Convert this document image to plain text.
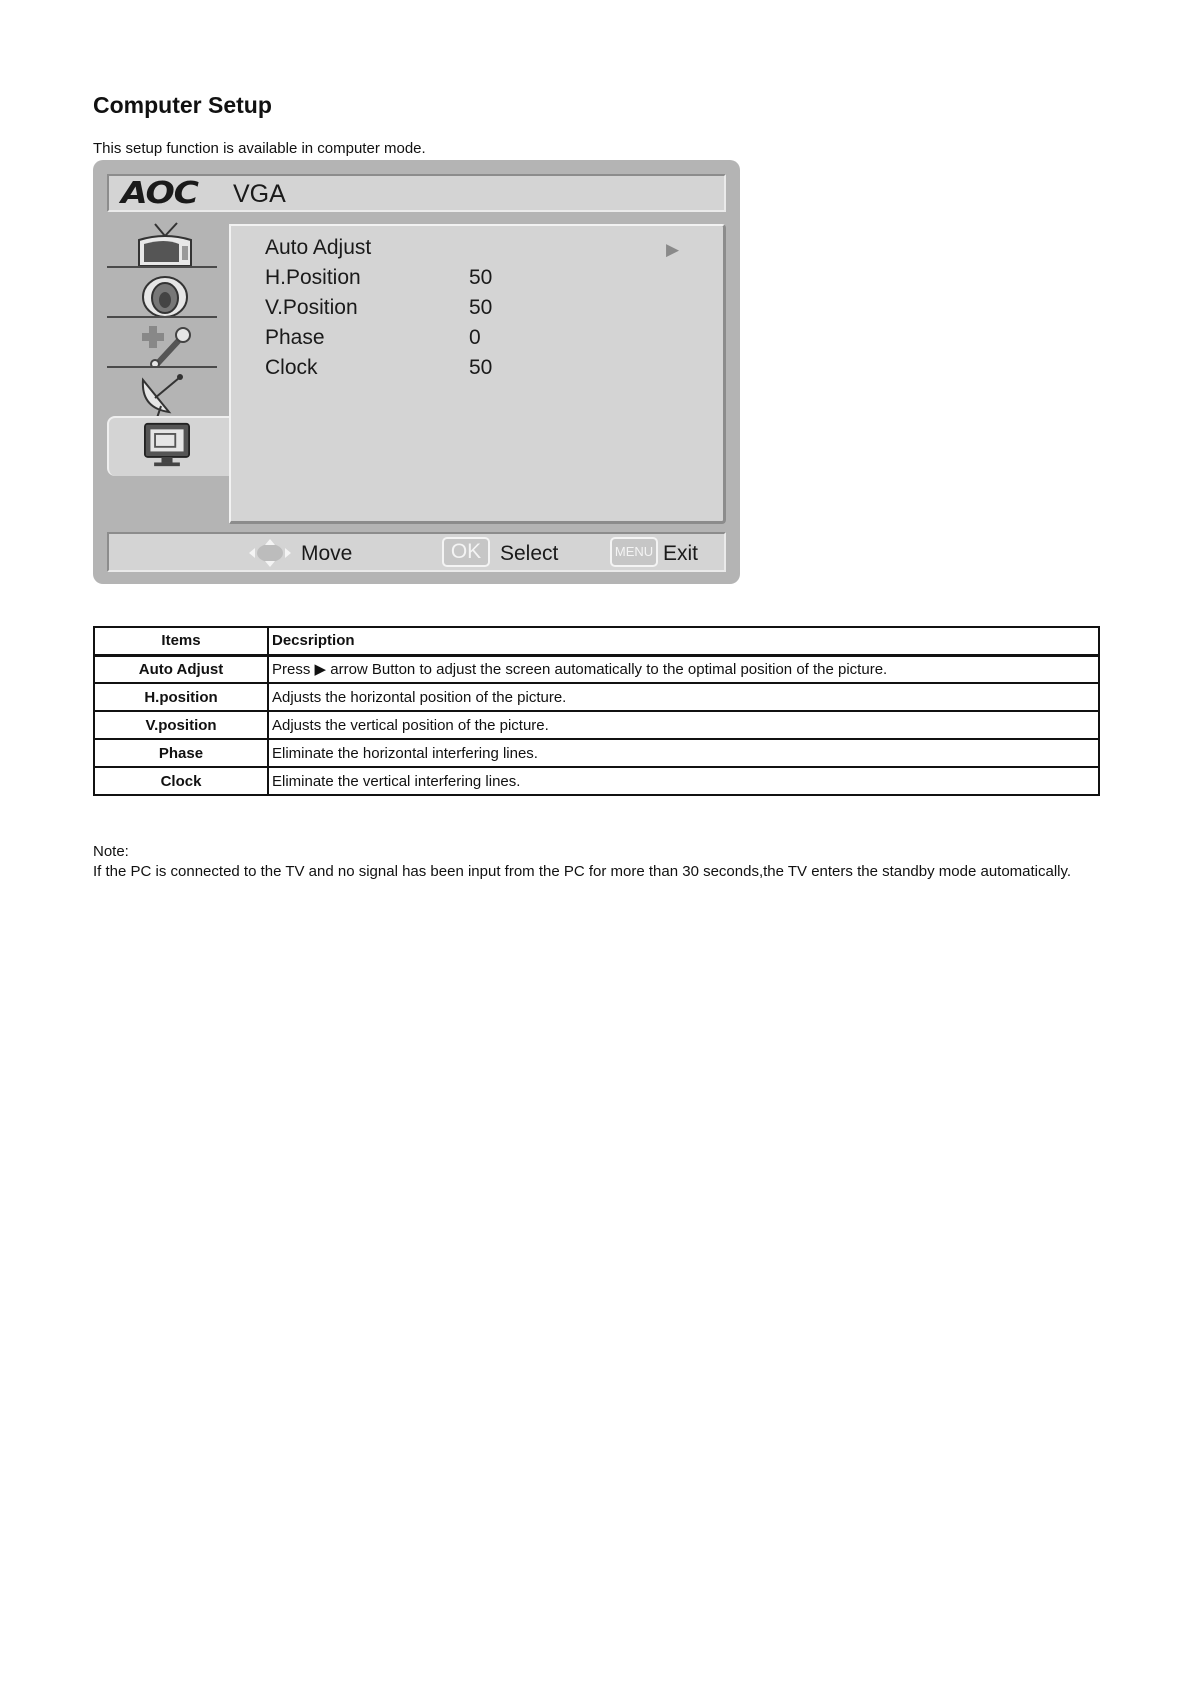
Computer Setup
This setup function is available in computer mode.
AOC VGA
Auto Adjust	▶
H.Position	50
V.Position	50
Phase	0
Clock	50
Move	OK Select	MENU Exit
Items	Decsription
Auto Adjust	Press ▶ arrow Button to adjust the screen automatically to the optimal position of the picture.
H.position	Adjusts the horizontal position of the picture.
V.position	Adjusts the vertical position of the picture.
Phase	Eliminate the horizontal interfering lines.
Clock	Eliminate the vertical interfering lines.
Note:
If the PC is connected to the TV and no signal has been input from the PC for more than 30 seconds,the TV enters the standby mode automatically.
